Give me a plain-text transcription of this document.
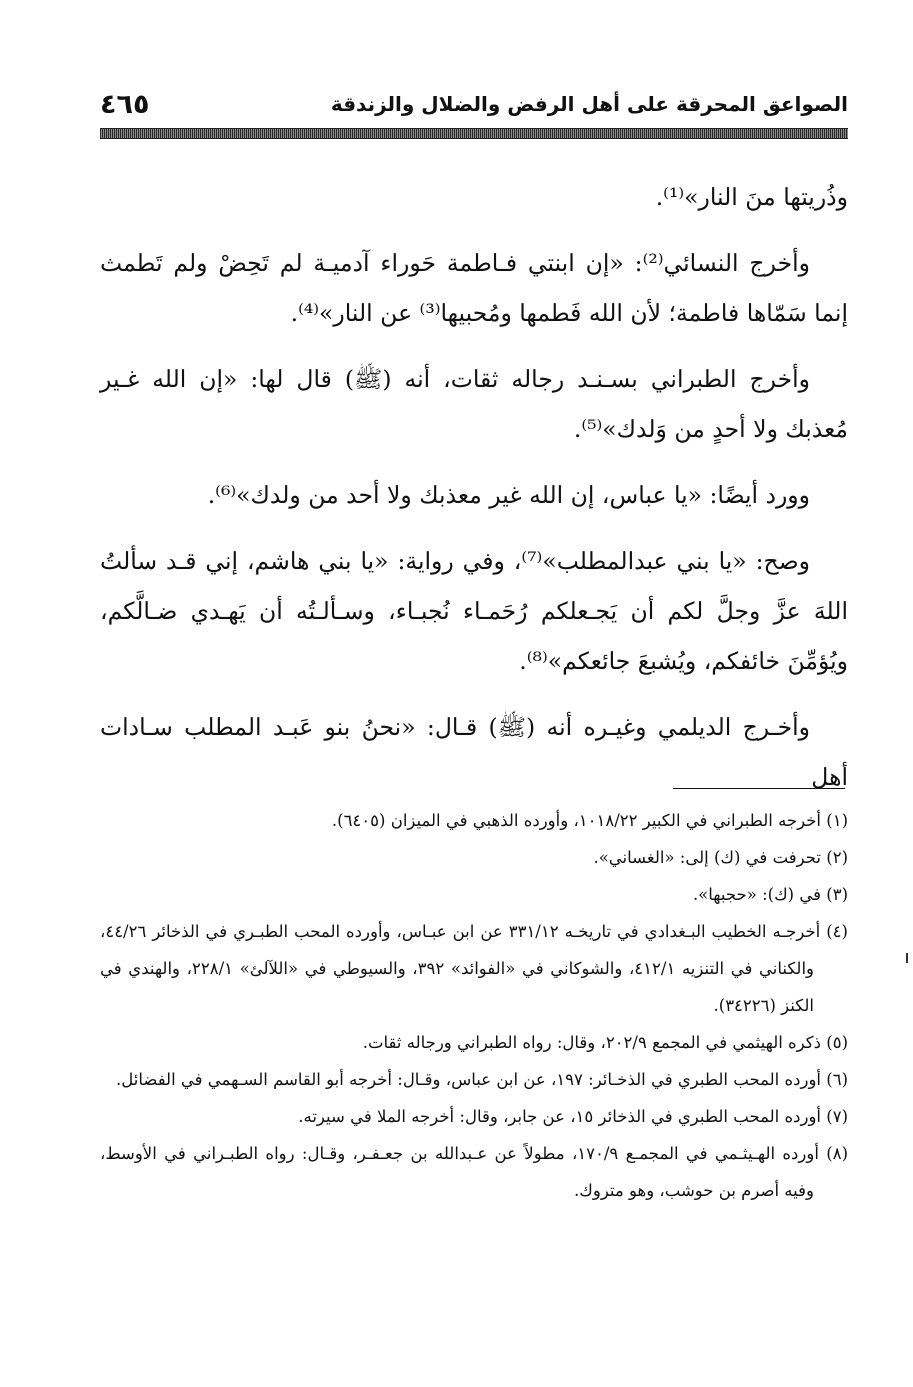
الصواعق المحرقة على أهل الرفض والضلال والزندقة
٤٦٥

وذُريتها منَ النار»⁽¹⁾.

وأخرج النسائي⁽²⁾: «إن ابنتي فـاطمة حَوراء آدميـة لم تَحِضْ ولم تَطمث إنما سَمّاها فاطمة؛ لأن الله فَطمها ومُحبيها⁽³⁾ عن النار»⁽⁴⁾.

وأخرج الطبراني بسـنـد رجاله ثقات، أنه (ﷺ) قال لها: «إن الله غـير مُعذبك ولا أحدٍ من وَلدك»⁽⁵⁾.

وورد أيضًا: «يا عباس، إن الله غير معذبك ولا أحد من ولدك»⁽⁶⁾.

وصح: «يا بني عبدالمطلب»⁽⁷⁾، وفي رواية: «يا بني هاشم، إني قـد سألتُ اللهَ عزَّ وجلَّ لكم أن يَجـعلكم رُحَمـاء نُجبـاء، وسـألـتُه أن يَهـدي ضـالَّكم، ويُؤمِّنَ خائفكم، ويُشبعَ جائعكم»⁽⁸⁾.

وأخـرج الديلمي وغيـره أنه (ﷺ) قـال: «نحنُ بنو عَبـد المطلب سـادات أهل

(١) أخرجه الطبراني في الكبير ١٠١٨/٢٢، وأورده الذهبي في الميزان (٦٤٠٥).

(٢) تحرفت في (ك) إلى: «الغساني».

(٣) في (ك): «حجبها».

(٤) أخرجـه الخطيب البـغدادي في تاريخـه ٣٣١/١٢ عن ابن عبـاس، وأورده المحب الطبـري في الذخائر ٤٤/٢٦، والكناني في التنزيه ٤١٢/١، والشوكاني في «الفوائد» ٣٩٢، والسيوطي في «اللآلئ» ٢٢٨/١، والهندي في الكنز (٣٤٢٢٦).

(٥) ذكره الهيثمي في المجمع ٢٠٢/٩، وقال: رواه الطبراني ورجاله ثقات.

(٦) أورده المحب الطبري في الذخـائر: ١٩٧، عن ابن عباس، وقـال: أخرجه أبو القاسم السـهمي في الفضائل.

(٧) أورده المحب الطبري في الذخائر ١٥، عن جابر، وقال: أخرجه الملا في سيرته.

(٨) أورده الهـيثـمي في المجمـع ١٧٠/٩، مطولاً عن عـبدالله بن جعـفـر، وقـال: رواه الطبـراني في الأوسط، وفيه أصرم بن حوشب، وهو متروك.
